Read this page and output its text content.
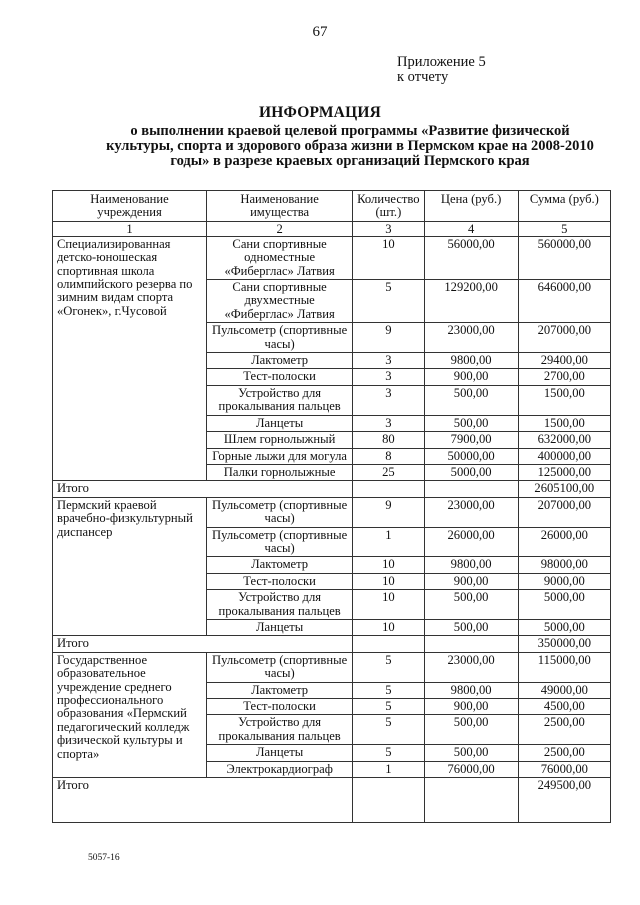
67
Приложение 5
к отчету
ИНФОРМАЦИЯ
о выполнении краевой целевой программы «Развитие физической культуры, спорта и здорового образа жизни в Пермском крае на 2008-2010 годы» в разрезе краевых организаций Пермского края
Наименование учреждения	Наименование имущества	Количество (шт.)	Цена (руб.)	Сумма (руб.)
1	2	3	4	5
Специализированная детско-юношеская спортивная школа олимпийского резерва по зимним видам спорта «Огонек», г.Чусовой	Сани спортивные одноместные «Фиберглас» Латвия	10	56000,00	560000,00
	Сани спортивные двухместные «Фиберглас» Латвия	5	129200,00	646000,00
	Пульсометр (спортивные часы)	9	23000,00	207000,00
	Лактометр	3	9800,00	29400,00
	Тест-полоски	3	900,00	2700,00
	Устройство для прокалывания пальцев	3	500,00	1500,00
	Ланцеты	3	500,00	1500,00
	Шлем горнолыжный	80	7900,00	632000,00
	Горные лыжи для могула	8	50000,00	400000,00
	Палки горнолыжные	25	5000,00	125000,00
Итого				2605100,00
Пермский краевой врачебно-физкультурный диспансер	Пульсометр (спортивные часы)	9	23000,00	207000,00
	Пульсометр (спортивные часы)	1	26000,00	26000,00
	Лактометр	10	9800,00	98000,00
	Тест-полоски	10	900,00	9000,00
	Устройство для прокалывания пальцев	10	500,00	5000,00
	Ланцеты	10	500,00	5000,00
Итого				350000,00
Государственное образовательное учреждение среднего профессионального образования «Пермский педагогический колледж физической культуры и спорта»	Пульсометр (спортивные часы)	5	23000,00	115000,00
	Лактометр	5	9800,00	49000,00
	Тест-полоски	5	900,00	4500,00
	Устройство для прокалывания пальцев	5	500,00	2500,00
	Ланцеты	5	500,00	2500,00
	Электрокардиограф	1	76000,00	76000,00
Итого				249500,00
5057-16
